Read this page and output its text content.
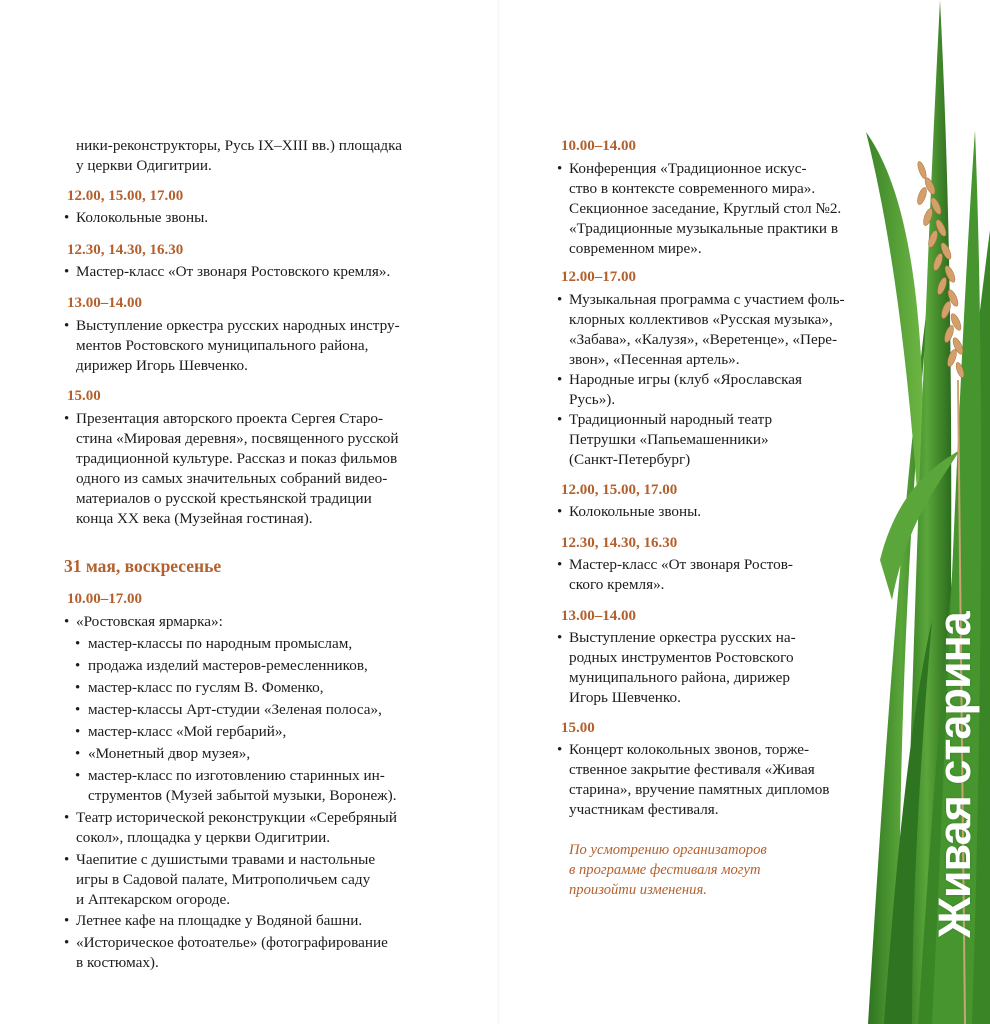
ники-реконструкторы, Русь IX–XIII вв.) площадка
у церкви Одигитрии.
12.00, 15.00, 17.00
• Колокольные звоны.
12.30, 14.30, 16.30
• Мастер-класс «От звонаря Ростовского кремля».
13.00–14.00
• Выступление оркестра русских народных инстру-
ментов Ростовского муниципального района,
дирижер Игорь Шевченко.
15.00
• Презентация авторского проекта Сергея Старо-
стина «Мировая деревня», посвященного русской
традиционной культуре. Рассказ и показ фильмов
одного из самых значительных собраний видео-
материалов о русской крестьянской традиции
конца XX века (Музейная гостиная).
31 мая, воскресенье
10.00–17.00
• «Ростовская ярмарка»:
• мастер-классы по народным промыслам,
• продажа изделий мастеров-ремесленников,
• мастер-класс по гуслям В. Фоменко,
• мастер-классы Арт-студии «Зеленая полоса»,
• мастер-класс «Мой гербарий»,
• «Монетный двор музея»,
• мастер-класс по изготовлению старинных ин-
струментов (Музей забытой музыки, Воронеж).
• Театр исторической реконструкции «Серебряный
сокол», площадка у церкви Одигитрии.
• Чаепитие с душистыми травами и настольные
игры в Садовой палате, Митрополичьем саду
и Аптекарском огороде.
• Летнее кафе на площадке у Водяной башни.
• «Историческое фотоателье» (фотографирование
в костюмах).
10.00–14.00
• Конференция «Традиционное искус-
ство в контексте современного мира».
Секционное заседание, Круглый стол №2.
«Традиционные музыкальные практики в
современном мире».
12.00–17.00
• Музыкальная программа с участием фоль-
клорных коллективов «Русская музыка»,
«Забава», «Калузя», «Веретенце», «Пере-
звон», «Песенная артель».
• Народные игры (клуб «Ярославская
Русь»).
• Традиционный народный театр
Петрушки «Папьемашенники»
(Санкт-Петербург)
12.00, 15.00, 17.00
• Колокольные звоны.
12.30, 14.30, 16.30
• Мастер-класс «От звонаря Ростов-
ского кремля».
13.00–14.00
• Выступление оркестра русских на-
родных инструментов Ростовского
муниципального района, дирижер
Игорь Шевченко.
15.00
• Концерт колокольных звонов, торже-
ственное закрытие фестиваля «Живая
старина», вручение памятных дипломов
участникам фестиваля.
По усмотрению организаторов
в программе фестиваля могут
произойти изменения.	Живая старина
